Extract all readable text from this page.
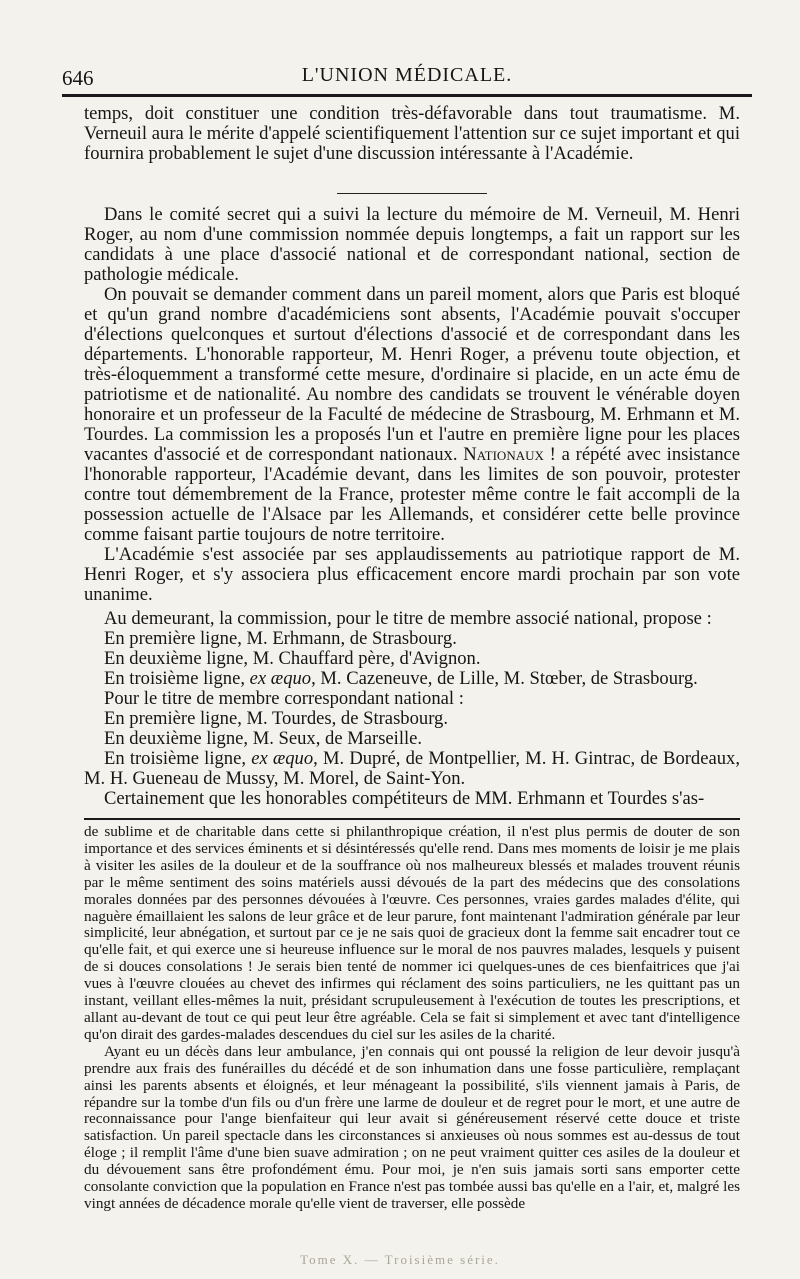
646	L'UNION MÉDICALE.

temps, doit constituer une condition très-défavorable dans tout traumatisme. M. Verneuil aura le mérite d'appelé scientifiquement l'attention sur ce sujet important et qui fournira probablement le sujet d'une discussion intéressante à l'Académie.

Dans le comité secret qui a suivi la lecture du mémoire de M. Verneuil, M. Henri Roger, au nom d'une commission nommée depuis longtemps, a fait un rapport sur les candidats à une place d'associé national et de correspondant national, section de pathologie médicale.

On pouvait se demander comment dans un pareil moment, alors que Paris est bloqué et qu'un grand nombre d'académiciens sont absents, l'Académie pouvait s'occuper d'élections quelconques et surtout d'élections d'associé et de correspondant dans les départements. L'honorable rapporteur, M. Henri Roger, a prévenu toute objection, et très-éloquemment a transformé cette mesure, d'ordinaire si placide, en un acte ému de patriotisme et de nationalité. Au nombre des candidats se trouvent le vénérable doyen honoraire et un professeur de la Faculté de médecine de Strasbourg, M. Erhmann et M. Tourdes. La commission les a proposés l'un et l'autre en première ligne pour les places vacantes d'associé et de correspondant nationaux. Nationaux ! a répété avec insistance l'honorable rapporteur, l'Académie devant, dans les limites de son pouvoir, protester contre tout démembrement de la France, protester même contre le fait accompli de la possession actuelle de l'Alsace par les Allemands, et considérer cette belle province comme faisant partie toujours de notre territoire.

L'Académie s'est associée par ses applaudissements au patriotique rapport de M. Henri Roger, et s'y associera plus efficacement encore mardi prochain par son vote unanime.

Au demeurant, la commission, pour le titre de membre associé national, propose :

En première ligne, M. Erhmann, de Strasbourg.

En deuxième ligne, M. Chauffard père, d'Avignon.

En troisième ligne, ex æquo, M. Cazeneuve, de Lille, M. Stœber, de Strasbourg.

Pour le titre de membre correspondant national :

En première ligne, M. Tourdes, de Strasbourg.

En deuxième ligne, M. Seux, de Marseille.

En troisième ligne, ex æquo, M. Dupré, de Montpellier, M. H. Gintrac, de Bordeaux, M. H. Gueneau de Mussy, M. Morel, de Saint-Yon.

Certainement que les honorables compétiteurs de MM. Erhmann et Tourdes s'as-

de sublime et de charitable dans cette si philanthropique création, il n'est plus permis de douter de son importance et des services éminents et si désintéressés qu'elle rend. Dans mes moments de loisir je me plais à visiter les asiles de la douleur et de la souffrance où nos malheureux blessés et malades trouvent réunis par le même sentiment des soins matériels aussi dévoués de la part des médecins que des consolations morales données par des personnes dévouées à l'œuvre. Ces personnes, vraies gardes malades d'élite, qui naguère émaillaient les salons de leur grâce et de leur parure, font maintenant l'admiration générale par leur simplicité, leur abnégation, et surtout par ce je ne sais quoi de gracieux dont la femme sait encadrer tout ce qu'elle fait, et qui exerce une si heureuse influence sur le moral de nos pauvres malades, lesquels y puisent de si douces consolations ! Je serais bien tenté de nommer ici quelques-unes de ces bienfaitrices que j'ai vues à l'œuvre clouées au chevet des infirmes qui réclament des soins particuliers, ne les quittant pas un instant, veillant elles-mêmes la nuit, présidant scrupuleusement à l'exécution de toutes les prescriptions, et allant au-devant de tout ce qui peut leur être agréable. Cela se fait si simplement et avec tant d'intelligence qu'on dirait des gardes-malades descendues du ciel sur les asiles de la charité.

Ayant eu un décès dans leur ambulance, j'en connais qui ont poussé la religion de leur devoir jusqu'à prendre aux frais des funérailles du décédé et de son inhumation dans une fosse particulière, remplaçant ainsi les parents absents et éloignés, et leur ménageant la possibilité, s'ils viennent jamais à Paris, de répandre sur la tombe d'un fils ou d'un frère une larme de douleur et de regret pour le mort, et une autre de reconnaissance pour l'ange bienfaiteur qui leur avait si généreusement réservé cette douce et triste satisfaction. Un pareil spectacle dans les circonstances si anxieuses où nous sommes est au-dessus de tout éloge ; il remplit l'âme d'une bien suave admiration ; on ne peut vraiment quitter ces asiles de la douleur et du dévouement sans être profondément ému. Pour moi, je n'en suis jamais sorti sans emporter cette consolante conviction que la population en France n'est pas tombée aussi bas qu'elle en a l'air, et, malgré les vingt années de décadence morale qu'elle vient de traverser, elle possède

Tome X. — Troisième série.
